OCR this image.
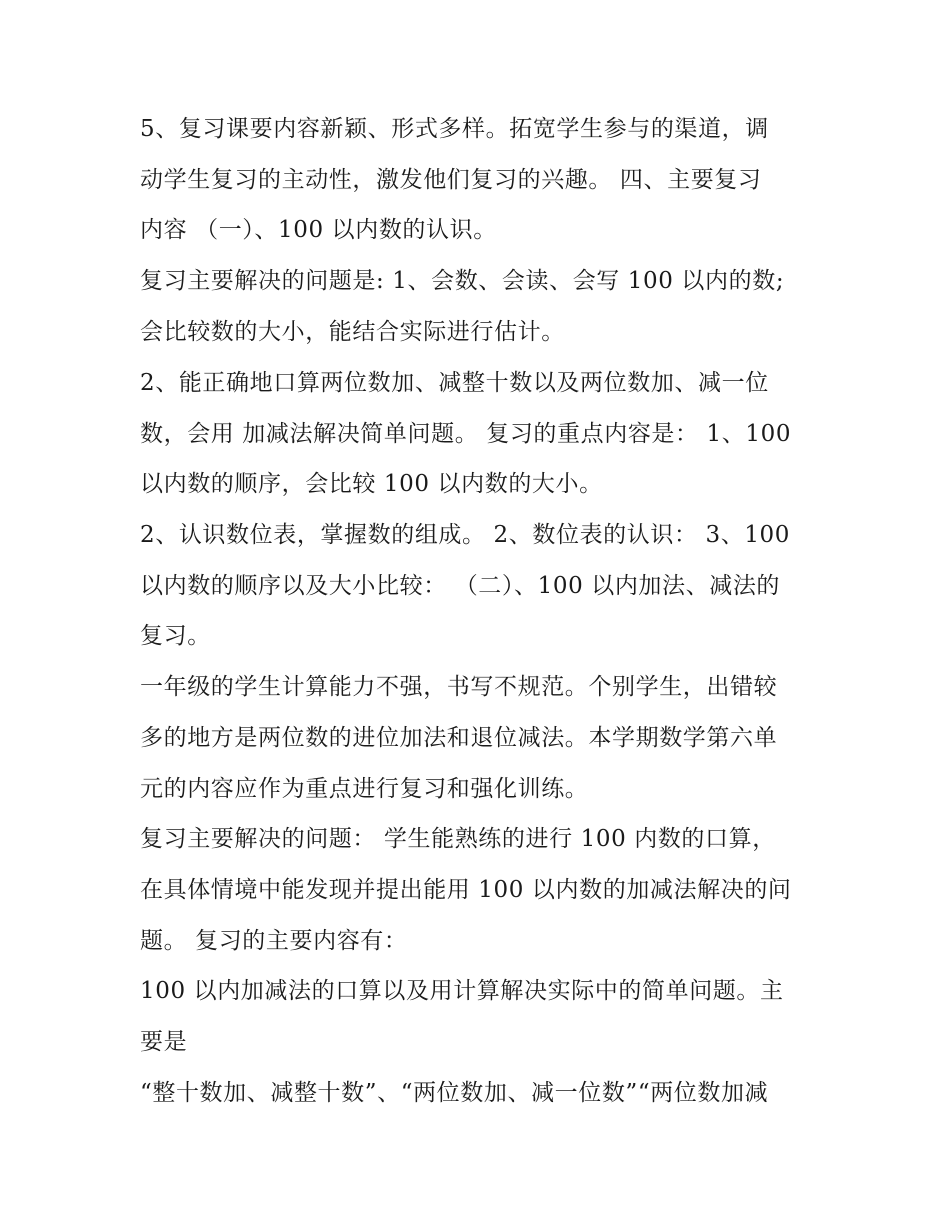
5、复习课要内容新颖、形式多样。拓宽学生参与的渠道，调
动学生复习的主动性，激发他们复习的兴趣。 四、主要复习
内容 （一）、100 以内数的认识。
复习主要解决的问题是: 1、会数、会读、会写 100 以内的数;
会比较数的大小，能结合实际进行估计。
2、能正确地口算两位数加、减整十数以及两位数加、减一位
数，会用 加减法解决简单问题。 复习的重点内容是： 1、100
以内数的顺序，会比较 100 以内数的大小。
2、认识数位表，掌握数的组成。 2、数位表的认识： 3、100
以内数的顺序以及大小比较： （二）、100 以内加法、减法的
复习。
一年级的学生计算能力不强，书写不规范。个别学生，出错较
多的地方是两位数的进位加法和退位减法。本学期数学第六单
元的内容应作为重点进行复习和强化训练。
复习主要解决的问题： 学生能熟练的进行 100 内数的口算，
在具体情境中能发现并提出能用 100 以内数的加减法解决的问
题。 复习的主要内容有：
100 以内加减法的口算以及用计算解决实际中的简单问题。主
要是
“整十数加、减整十数”、“两位数加、减一位数”“两位数加减
